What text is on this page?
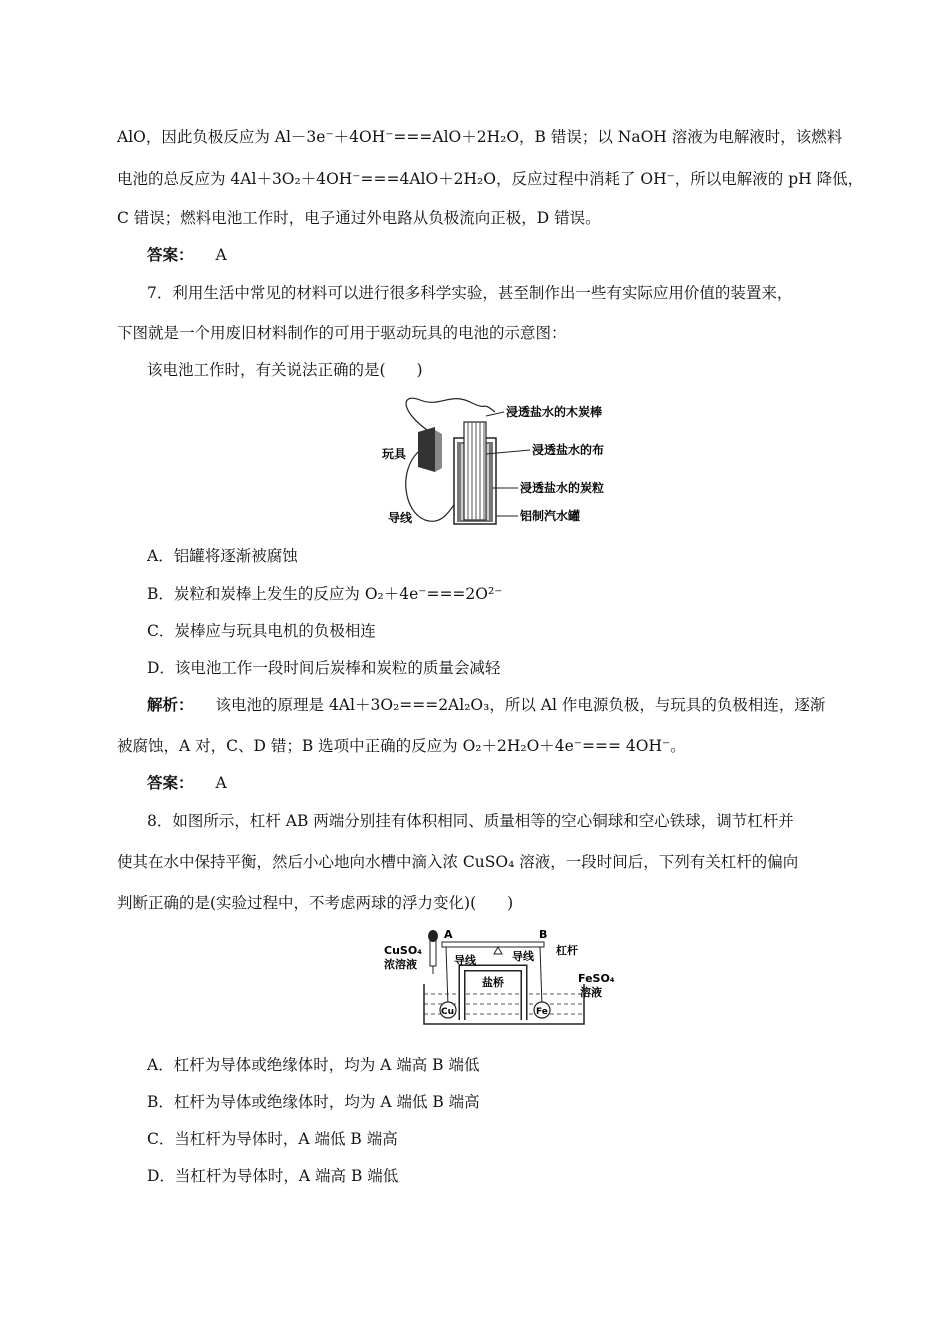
AlO，因此负极反应为 Al－3e⁻＋4OH⁻===AlO＋2H₂O，B 错误；以 NaOH 溶液为电解液时，该燃料
电池的总反应为 4Al＋3O₂＋4OH⁻===4AlO＋2H₂O，反应过程中消耗了 OH⁻，所以电解液的 pH 降低，
C 错误；燃料电池工作时，电子通过外电路从负极流向正极，D 错误。
答案： A
7．利用生活中常见的材料可以进行很多科学实验，甚至制作出一些有实际应用价值的装置来，
下图就是一个用废旧材料制作的可用于驱动玩具的电池的示意图：
该电池工作时，有关说法正确的是(　　)
玩具
导线
浸透盐水的木炭棒
浸透盐水的布
浸透盐水的炭粒
铝制汽水罐
A．铝罐将逐渐被腐蚀
B．炭粒和炭棒上发生的反应为 O₂＋4e⁻===2O²⁻
C．炭棒应与玩具电机的负极相连
D．该电池工作一段时间后炭棒和炭粒的质量会减轻
解析： 该电池的原理是 4Al＋3O₂===2Al₂O₃，所以 Al 作电源负极，与玩具的负极相连，逐渐
被腐蚀，A 对，C、D 错；B 选项中正确的反应为 O₂＋2H₂O＋4e⁻=== 4OH⁻。
答案： A
8．如图所示，杠杆 AB 两端分别挂有体积相同、质量相等的空心铜球和空心铁球，调节杠杆并
使其在水中保持平衡，然后小心地向水槽中滴入浓 CuSO₄ 溶液，一段时间后，下列有关杠杆的偏向
判断正确的是(实验过程中，不考虑两球的浮力变化)(　　)
CuSO₄
浓溶液
A	B
杠杆
导线	导线
盐桥
Cu	Fe
FeSO₄
溶液
A．杠杆为导体或绝缘体时，均为 A 端高 B 端低
B．杠杆为导体或绝缘体时，均为 A 端低 B 端高
C．当杠杆为导体时，A 端低 B 端高
D．当杠杆为导体时，A 端高 B 端低
